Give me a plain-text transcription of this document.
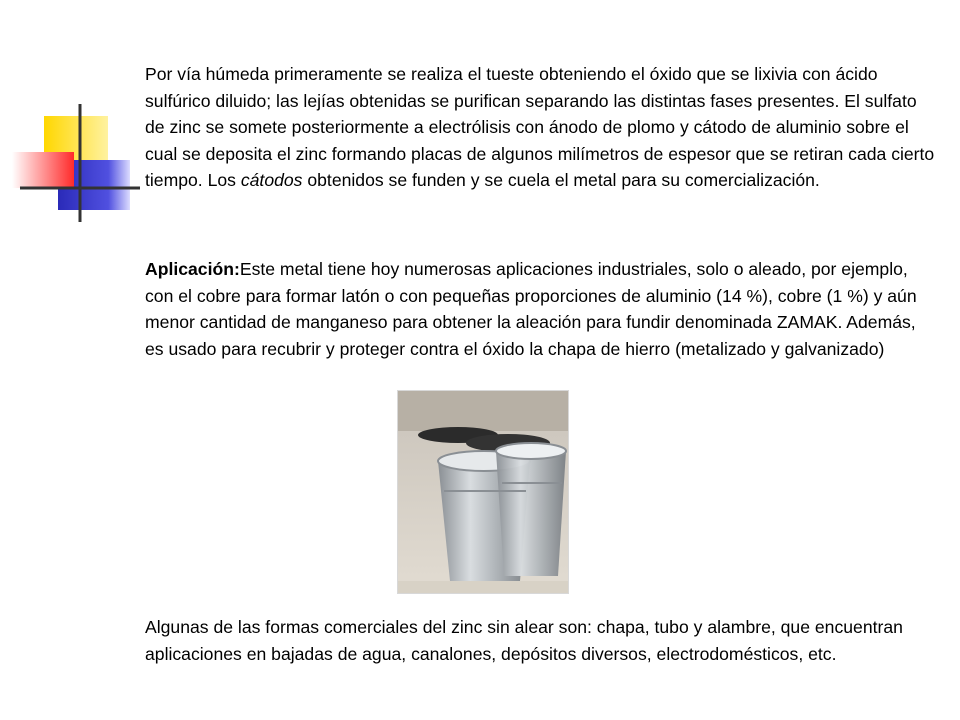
Por vía húmeda primeramente se realiza el tueste obteniendo el óxido que se lixivia con ácido sulfúrico diluido; las lejías obtenidas se purifican separando las distintas fases presentes. El sulfato de zinc se somete posteriormente a electrólisis con ánodo de plomo y cátodo de aluminio sobre el cual se deposita el zinc formando placas de algunos milímetros de espesor que se retiran cada cierto tiempo. Los cátodos obtenidos se funden y se cuela el metal para su comercialización.

Aplicación:Este metal tiene hoy numerosas aplicaciones industriales, solo o aleado, por ejemplo, con el cobre para formar latón o con pequeñas proporciones de aluminio (14 %), cobre (1 %) y aún menor cantidad de manganeso para obtener la aleación para fundir denominada ZAMAK. Además, es usado para recubrir y proteger contra el óxido la chapa de hierro (metalizado y galvanizado)

Algunas de las formas comerciales del zinc sin alear son: chapa, tubo y alambre, que encuentran aplicaciones en bajadas de agua, canalones, depósitos diversos, electrodomésticos, etc.
